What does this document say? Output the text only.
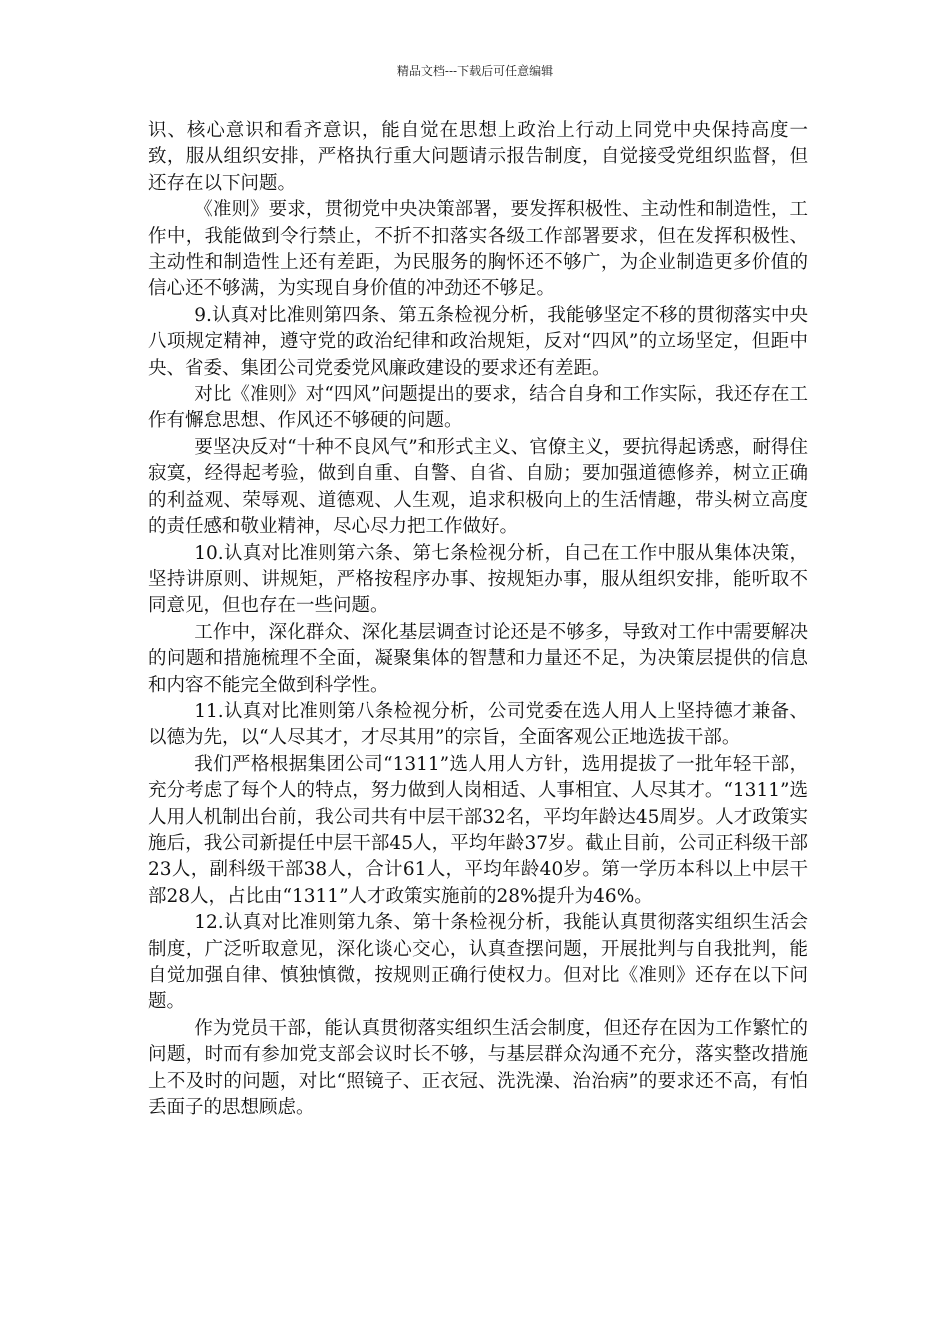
精品文档---下载后可任意编辑

识、核心意识和看齐意识，能自觉在思想上政治上行动上同党中央保持高度一致，服从组织安排，严格执行重大问题请示报告制度，自觉接受党组织监督，但还存在以下问题。

《准则》要求，贯彻党中央决策部署，要发挥积极性、主动性和制造性，工作中，我能做到令行禁止，不折不扣落实各级工作部署要求，但在发挥积极性、主动性和制造性上还有差距，为民服务的胸怀还不够广，为企业制造更多价值的信心还不够满，为实现自身价值的冲劲还不够足。

9.认真对比准则第四条、第五条检视分析，我能够坚定不移的贯彻落实中央八项规定精神，遵守党的政治纪律和政治规矩，反对“四风”的立场坚定，但距中央、省委、集团公司党委党风廉政建设的要求还有差距。

对比《准则》对“四风”问题提出的要求，结合自身和工作实际，我还存在工作有懈怠思想、作风还不够硬的问题。

要坚决反对“十种不良风气”和形式主义、官僚主义，要抗得起诱惑，耐得住寂寞，经得起考验，做到自重、自警、自省、自励；要加强道德修养，树立正确的利益观、荣辱观、道德观、人生观，追求积极向上的生活情趣，带头树立高度的责任感和敬业精神，尽心尽力把工作做好。

10.认真对比准则第六条、第七条检视分析，自己在工作中服从集体决策，坚持讲原则、讲规矩，严格按程序办事、按规矩办事，服从组织安排，能听取不同意见，但也存在一些问题。

工作中，深化群众、深化基层调查讨论还是不够多，导致对工作中需要解决的问题和措施梳理不全面，凝聚集体的智慧和力量还不足，为决策层提供的信息和内容不能完全做到科学性。

11.认真对比准则第八条检视分析，公司党委在选人用人上坚持德才兼备、以德为先，以“人尽其才，才尽其用”的宗旨，全面客观公正地选拔干部。

我们严格根据集团公司“1311”选人用人方针，选用提拔了一批年轻干部，充分考虑了每个人的特点，努力做到人岗相适、人事相宜、人尽其才。“1311”选人用人机制出台前，我公司共有中层干部32名，平均年龄达45周岁。人才政策实施后，我公司新提任中层干部45人，平均年龄37岁。截止目前，公司正科级干部23人，副科级干部38人，合计61人，平均年龄40岁。第一学历本科以上中层干部28人，占比由“1311”人才政策实施前的28%提升为46%。

12.认真对比准则第九条、第十条检视分析，我能认真贯彻落实组织生活会制度，广泛听取意见，深化谈心交心，认真查摆问题，开展批判与自我批判，能自觉加强自律、慎独慎微，按规则正确行使权力。但对比《准则》还存在以下问题。

作为党员干部，能认真贯彻落实组织生活会制度，但还存在因为工作繁忙的问题，时而有参加党支部会议时长不够，与基层群众沟通不充分，落实整改措施上不及时的问题，对比“照镜子、正衣冠、洗洗澡、治治病”的要求还不高，有怕丢面子的思想顾虑。
